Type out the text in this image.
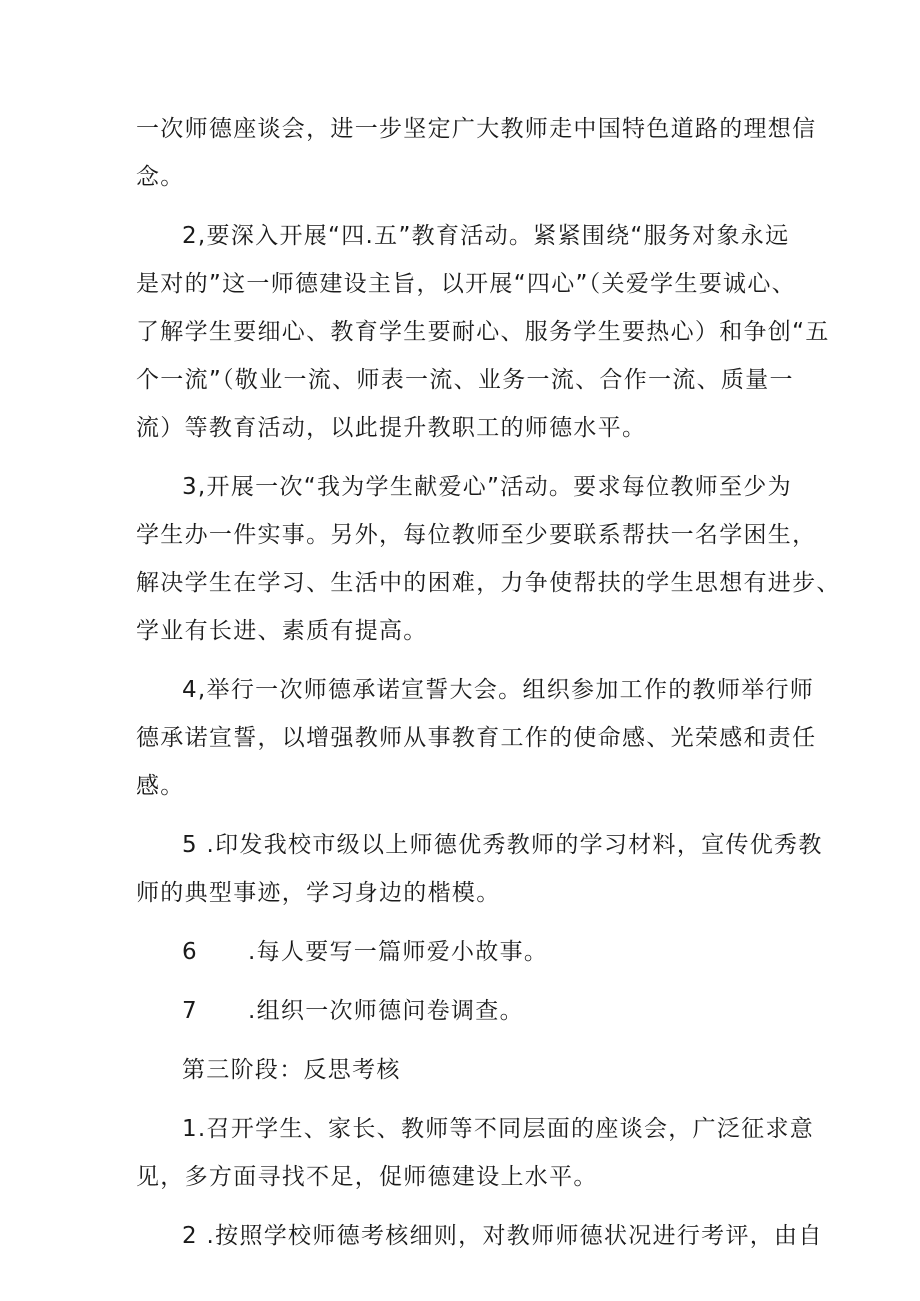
一次师德座谈会，进一步坚定广大教师走中国特色道路的理想信
念。
2,要深入开展“四.五”教育活动。紧紧围绕“服务对象永远
是对的”这一师德建设主旨，以开展“四心”（关爱学生要诚心、
了解学生要细心、教育学生要耐心、服务学生要热心）和争创“五
个一流”（敬业一流、师表一流、业务一流、合作一流、质量一
流）等教育活动，以此提升教职工的师德水平。
3,开展一次“我为学生献爱心”活动。要求每位教师至少为
学生办一件实事。另外，每位教师至少要联系帮扶一名学困生，
解决学生在学习、生活中的困难，力争使帮扶的学生思想有进步、
学业有长进、素质有提高。
4,举行一次师德承诺宣誓大会。组织参加工作的教师举行师
德承诺宣誓，以增强教师从事教育工作的使命感、光荣感和责任
感。
5 .印发我校市级以上师德优秀教师的学习材料，宣传优秀教
师的典型事迹，学习身边的楷模。
6 .每人要写一篇师爱小故事。
7 .组织一次师德问卷调查。
第三阶段：反思考核
1.召开学生、家长、教师等不同层面的座谈会，广泛征求意
见，多方面寻找不足，促师德建设上水平。
2 .按照学校师德考核细则，对教师师德状况进行考评，由自
